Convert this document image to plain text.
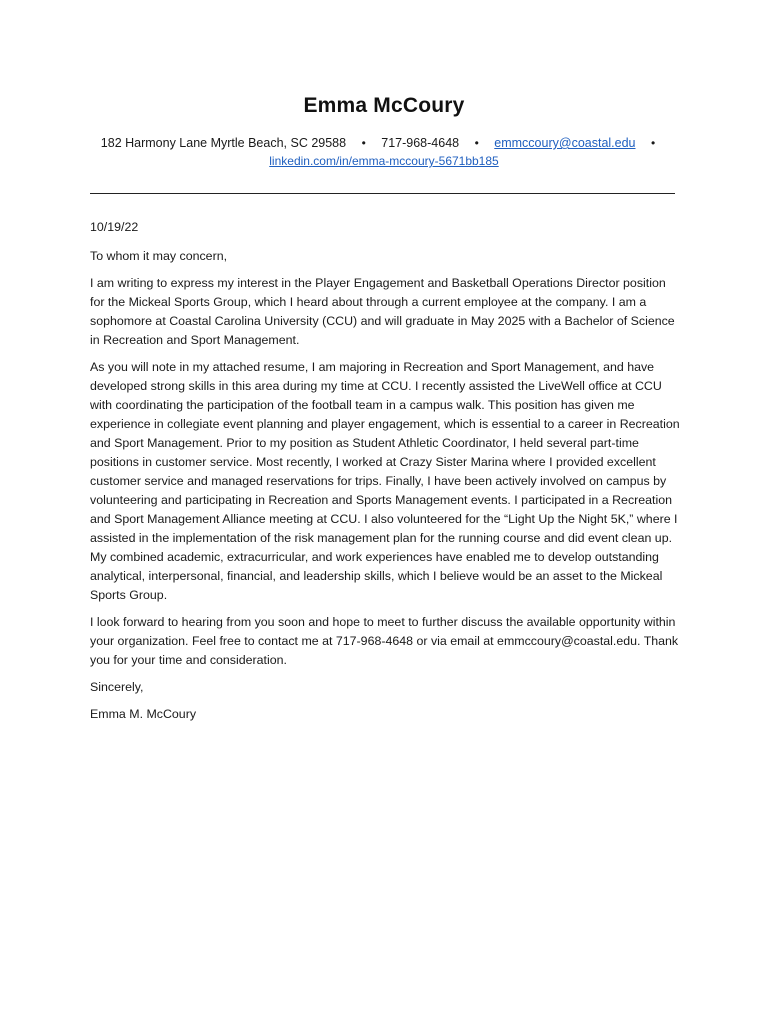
Emma McCoury
182 Harmony Lane Myrtle Beach, SC 29588 • 717-968-4648 • emmccoury@coastal.edu •
linkedin.com/in/emma-mccoury-5671bb185

10/19/22

To whom it may concern,

I am writing to express my interest in the Player Engagement and Basketball Operations Director position for the Mickeal Sports Group, which I heard about through a current employee at the company. I am a sophomore at Coastal Carolina University (CCU) and will graduate in May 2025 with a Bachelor of Science in Recreation and Sport Management.

As you will note in my attached resume, I am majoring in Recreation and Sport Management, and have developed strong skills in this area during my time at CCU. I recently assisted the LiveWell office at CCU with coordinating the participation of the football team in a campus walk. This position has given me experience in collegiate event planning and player engagement, which is essential to a career in Recreation and Sport Management. Prior to my position as Student Athletic Coordinator, I held several part-time positions in customer service. Most recently, I worked at Crazy Sister Marina where I provided excellent customer service and managed reservations for trips. Finally, I have been actively involved on campus by volunteering and participating in Recreation and Sports Management events. I participated in a Recreation and Sport Management Alliance meeting at CCU. I also volunteered for the “Light Up the Night 5K,” where I assisted in the implementation of the risk management plan for the running course and did event clean up. My combined academic, extracurricular, and work experiences have enabled me to develop outstanding analytical, interpersonal, financial, and leadership skills, which I believe would be an asset to the Mickeal Sports Group.

I look forward to hearing from you soon and hope to meet to further discuss the available opportunity within your organization. Feel free to contact me at 717-968-4648 or via email at emmccoury@coastal.edu. Thank you for your time and consideration.

Sincerely,

Emma M. McCoury
